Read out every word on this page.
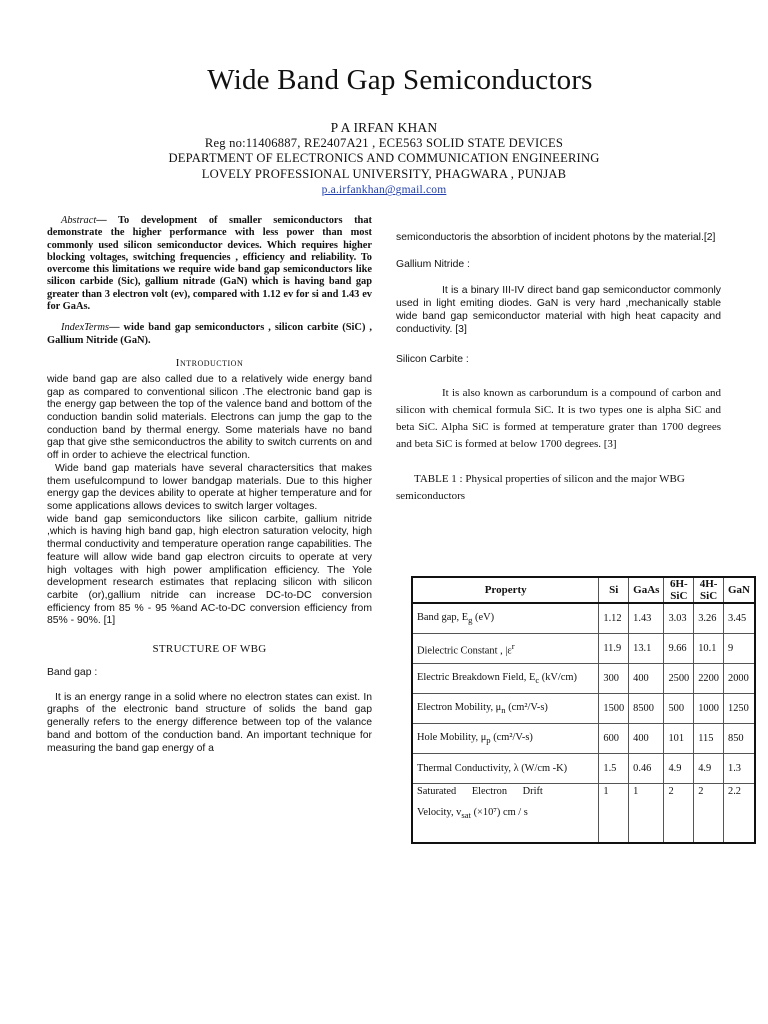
Wide Band Gap Semiconductors
P A IRFAN KHAN
Reg no:11406887, RE2407A21 , ECE563 SOLID STATE DEVICES
DEPARTMENT OF ELECTRONICS AND COMMUNICATION ENGINEERING
LOVELY PROFESSIONAL UNIVERSITY, PHAGWARA , PUNJAB
p.a.irfankhan@gmail.com

Abstract— To development of smaller semiconductors that demonstrate the higher performance with less power than most commonly used silicon semiconductor devices. Which requires higher blocking voltages, switching frequencies , efficiency and reliability. To overcome this limitations we require wide band gap semiconductors like silicon carbide (Sic), gallium nitrade (GaN) which is having band gap greater than 3 electron volt (ev), compared with 1.12 ev for si and 1.43 ev for GaAs.

IndexTerms— wide band gap semiconductors , silicon carbite (SiC) , Gallium Nitride (GaN).

Introduction

wide band gap are also called due to a relatively wide energy band gap as compared to conventional silicon .The electronic band gap is the energy gap between the top of the valence band and bottom of the conduction bandin solid materials. Electrons can jump the gap to the conduction band by thermal energy. Some materials have no band gap that give sthe semiconductros the ability to switch currents on and off in order to achieve the electrical function.

Wide band gap materials have several charactersitics that makes them usefulcompund to lower bandgap materials. Due to this higher energy gap the devices ability to operate at higher temperature and for some applications allows devices to switch larger voltages.

wide band gap semiconductors like silicon carbite, gallium nitride ,which is having high band gap, high electron saturation velocity, high thermal conductivity and temperature operation range capabilities. The feature will allow wide band gap electron circuits to operate at very high voltages with high power amplification efficiency. The Yole development research estimates that replacing silicon with silicon carbite (or),gallium nitride can increase DC-to-DC conversion efficiency from 85 % - 95 %and AC-to-DC conversion efficiency from 85% - 90%. [1]

STRUCTURE OF WBG

Band gap :

It is an energy range in a solid where no electron states can exist. In graphs of the electronic band structure of solids the band gap generally refers to the energy difference between top of the valance band and bottom of the conduction band. An important technique for measuring the band gap energy of a

semiconductoris the absorbtion of incident photons by the material.[2]

Gallium Nitride :

It is a binary III-IV direct band gap semiconductor commonly used in light emiting diodes. GaN is very hard ,mechanically stable wide band gap semiconductor material with high heat capacity and conductivity. [3]

Silicon Carbite :

It is also known as carborundum is a compound of carbon and silicon with chemical formula SiC. It is two types one is alpha SiC and beta SiC. Alpha SiC is formed at temperature grater than 1700 degrees and beta SiC is formed at below 1700 degrees. [3]

TABLE 1 : Physical properties of silicon and the major WBG semiconductors

Property	Si	GaAs	6H-SiC	4H-SiC	GaN
Band gap, $E_g$ (eV)	1.12	1.43	3.03	3.26	3.45
Dielectric Constant , $|\varepsilon^r$	11.9	13.1	9.66	10.1	9
Electric Breakdown Field, $E_c$ (kV/cm)	300	400	2500	2200	2000
Electron Mobility, $\mu_n$ (cm²/V-s)	1500	8500	500	1000	1250
Hole Mobility, $\mu_p$ (cm²/V-s)	600	400	101	115	850
Thermal Conductivity, λ (W/cm -K)	1.5	0.46	4.9	4.9	1.3

Saturated      Electron      Drift
Velocity, $v_{sat}$ (×10⁷) cm / s	1	1	2	2	2.2
